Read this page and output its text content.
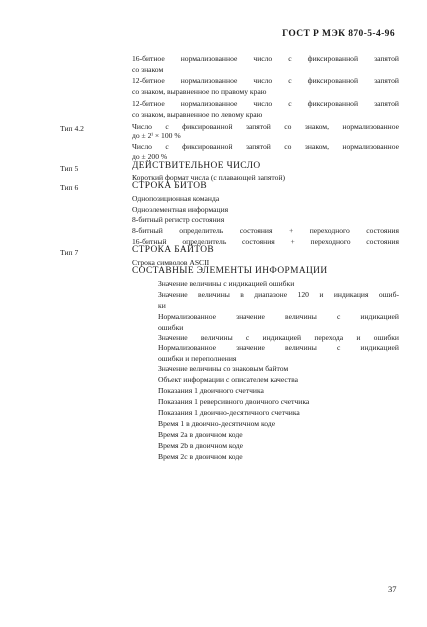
ГОСТ Р МЭК 870-5-4-96
Тип 4.2
Тип 5
Тип 6
Тип 7
16-битное нормализованное число с фиксированной запятой
со знаком
12-битное нормализованное число с фиксированной запятой
со знаком, выравненное по правому краю
12-битное нормализованное число с фиксированной запятой
со знаком, выравненное по левому краю
Число с фиксированной запятой со знаком, нормализованное
до ± 2ⁱ × 100 %
Число с фиксированной запятой со знаком, нормализованное
до ± 200 %
ДЕЙСТВИТЕЛЬНОЕ ЧИСЛО
Короткий формат числа (с плавающей запятой)
СТРОКА БИТОВ
Однопозиционная команда
Одноэлементная информация
8-битный регистр состояния
8-битный определитель состояния + переходного состояния
16-битный определитель состояния + переходного состояния
СТРОКА БАЙТОВ
Строка символов ASCII
СОСТАВНЫЕ ЭЛЕМЕНТЫ ИНФОРМАЦИИ
Значение величины с индикацией ошибки
Значение величины в диапазоне 120 и индикация ошиб-
ки
Нормализованное значение величины с индикацией
ошибки
Значение величины с индикацией перехода и ошибки
Нормализованное значение величины с индикацией
ошибки и переполнения
Значение величины со знаковым байтом
Объект информации с описателем качества
Показания 1 двоичного счетчика
Показания 1 реверсивного двоичного счетчика
Показания 1 двоично-десятичного счетчика
Время 1 в двоично-десятичном коде
Время 2а в двоичном коде
Время 2b в двоичном коде
Время 2с в двоичном коде
37
